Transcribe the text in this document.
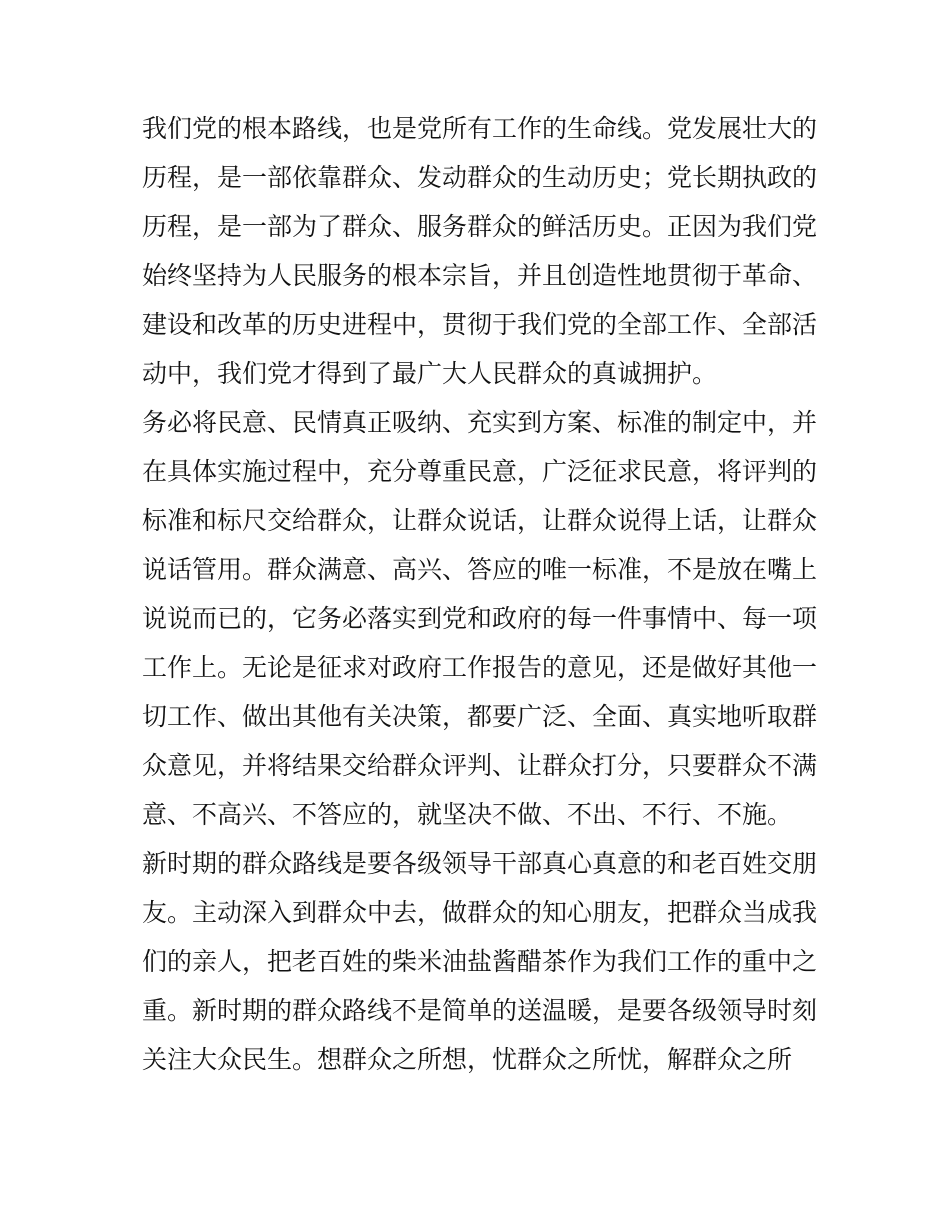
我们党的根本路线，也是党所有工作的生命线。党发展壮大的
历程，是一部依靠群众、发动群众的生动历史；党长期执政的
历程，是一部为了群众、服务群众的鲜活历史。正因为我们党
始终坚持为人民服务的根本宗旨，并且创造性地贯彻于革命、
建设和改革的历史进程中，贯彻于我们党的全部工作、全部活
动中，我们党才得到了最广大人民群众的真诚拥护。
务必将民意、民情真正吸纳、充实到方案、标准的制定中，并
在具体实施过程中，充分尊重民意，广泛征求民意，将评判的
标准和标尺交给群众，让群众说话，让群众说得上话，让群众
说话管用。群众满意、高兴、答应的唯一标准，不是放在嘴上
说说而已的，它务必落实到党和政府的每一件事情中、每一项
工作上。无论是征求对政府工作报告的意见，还是做好其他一
切工作、做出其他有关决策，都要广泛、全面、真实地听取群
众意见，并将结果交给群众评判、让群众打分，只要群众不满
意、不高兴、不答应的，就坚决不做、不出、不行、不施。
新时期的群众路线是要各级领导干部真心真意的和老百姓交朋
友。主动深入到群众中去，做群众的知心朋友，把群众当成我
们的亲人，把老百姓的柴米油盐酱醋茶作为我们工作的重中之
重。新时期的群众路线不是简单的送温暖，是要各级领导时刻
关注大众民生。想群众之所想，忧群众之所忧，解群众之所
